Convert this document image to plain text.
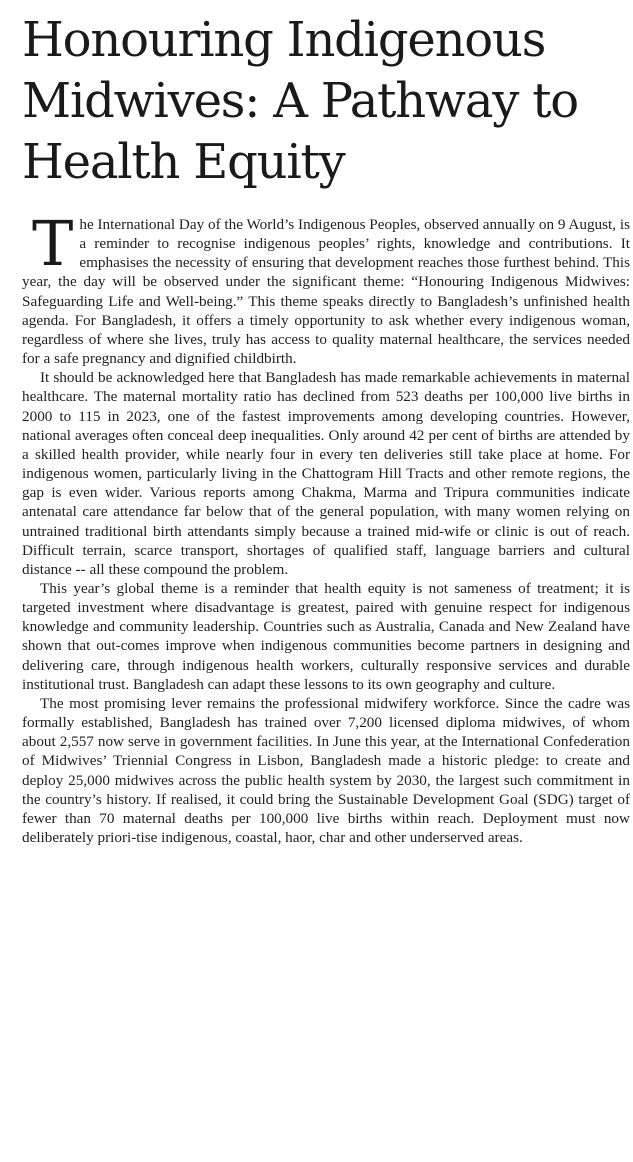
Honouring Indigenous Midwives: A Pathway to Health Equity

The International Day of the World’s Indigenous Peoples, observed annually on 9 August, is a reminder to recognise indigenous peoples’ rights, knowledge and contributions. It emphasises the necessity of ensuring that development reaches those furthest behind. This year, the day will be observed under the significant theme: “Honouring Indigenous Midwives: Safeguarding Life and Well-being.” This theme speaks directly to Bangladesh’s unfinished health agenda. For Bangladesh, it offers a timely opportunity to ask whether every indigenous woman, regardless of where she lives, truly has access to quality maternal healthcare, the services needed for a safe pregnancy and dignified childbirth.

It should be acknowledged here that Bangladesh has made remarkable achievements in maternal healthcare. The maternal mortality ratio has declined from 523 deaths per 100,000 live births in 2000 to 115 in 2023, one of the fastest improvements among developing countries. However, national averages often conceal deep inequalities. Only around 42 per cent of births are attended by a skilled health provider, while nearly four in every ten deliveries still take place at home. For indigenous women, particularly living in the Chattogram Hill Tracts and other remote regions, the gap is even wider. Various reports among Chakma, Marma and Tripura communities indicate antenatal care attendance far below that of the general population, with many women relying on untrained traditional birth attendants simply because a trained mid-wife or clinic is out of reach. Difficult terrain, scarce transport, shortages of qualified staff, language barriers and cultural distance -- all these compound the problem.

This year’s global theme is a reminder that health equity is not sameness of treatment; it is targeted investment where disadvantage is greatest, paired with genuine respect for indigenous knowledge and community leadership. Countries such as Australia, Canada and New Zealand have shown that out-comes improve when indigenous communities become partners in designing and delivering care, through indigenous health workers, culturally responsive services and durable institutional trust. Bangladesh can adapt these lessons to its own geography and culture.

The most promising lever remains the professional midwifery workforce. Since the cadre was formally established, Bangladesh has trained over 7,200 licensed diploma midwives, of whom about 2,557 now serve in government facilities. In June this year, at the International Confederation of Midwives’ Triennial Congress in Lisbon, Bangladesh made a historic pledge: to create and deploy 25,000 midwives across the public health system by 2030, the largest such commitment in the country’s history. If realised, it could bring the Sustainable Development Goal (SDG) target of fewer than 70 maternal deaths per 100,000 live births within reach. Deployment must now deliberately priori-tise indigenous, coastal, haor, char and other underserved areas.
